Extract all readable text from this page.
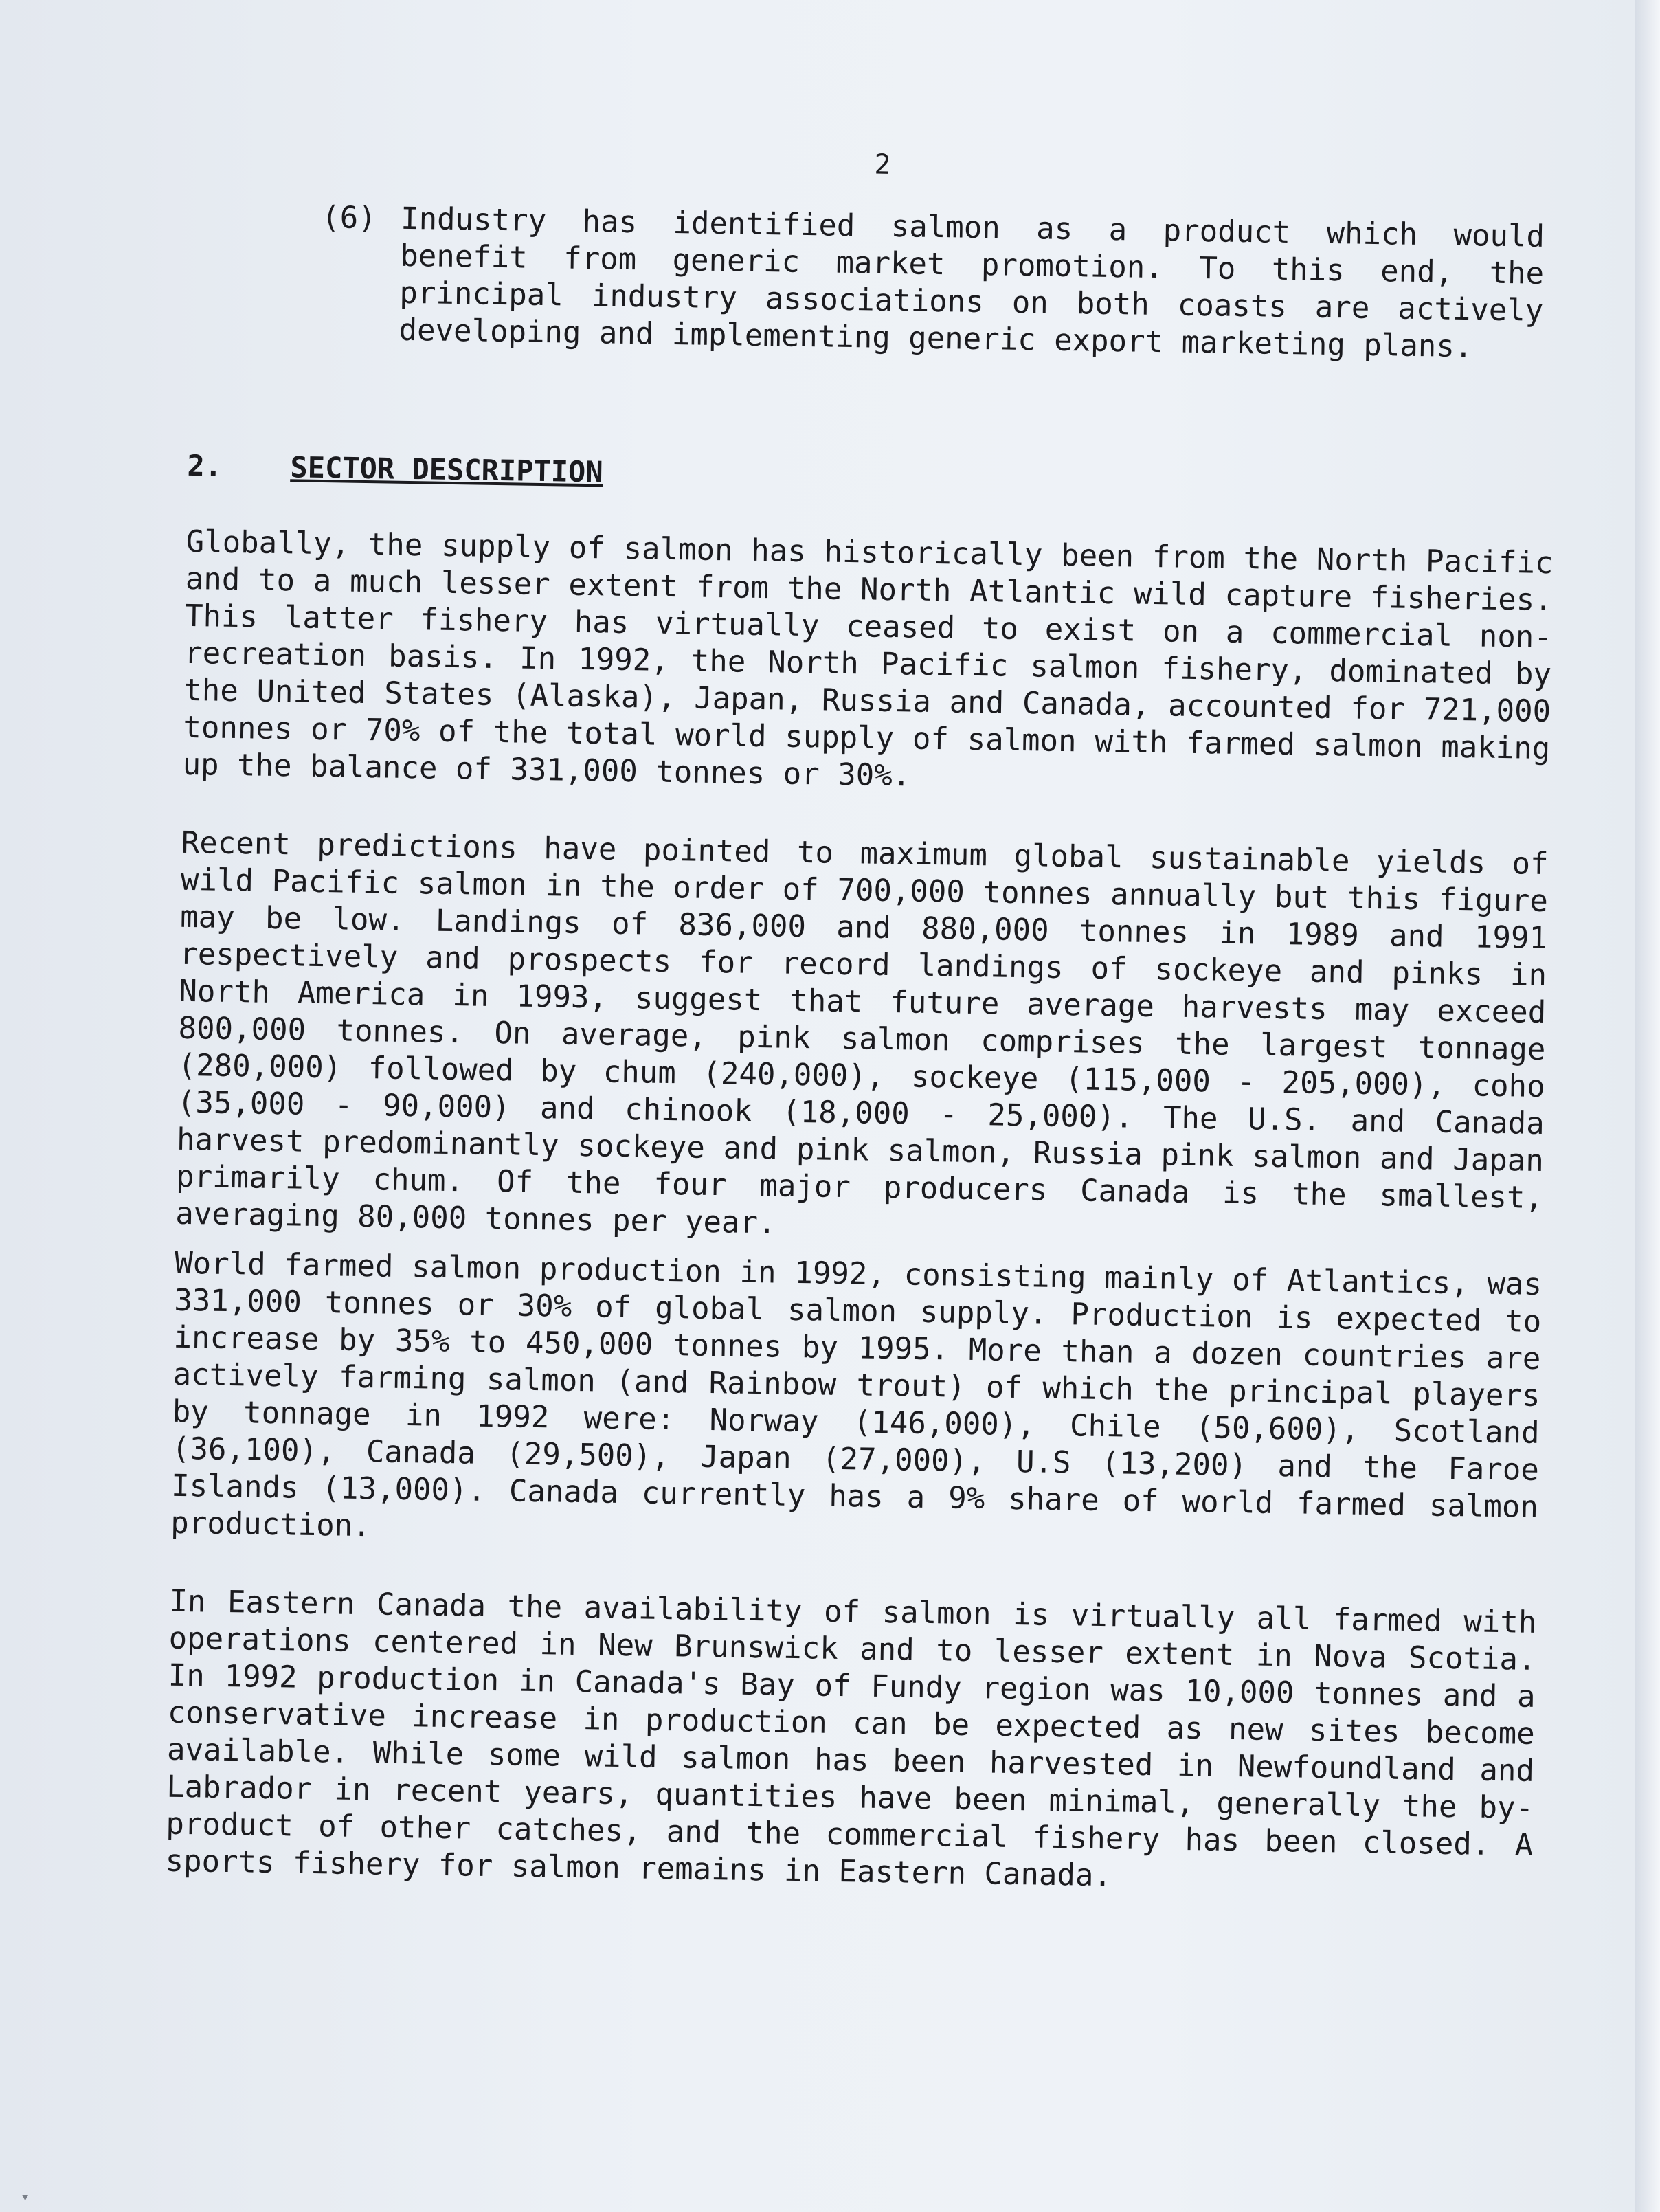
2
(6) Industry has identified salmon as a product which would benefit from generic market promotion. To this end, the principal industry associations on both coasts are actively developing and implementing generic export marketing plans.
2.	SECTOR DESCRIPTION

Globally, the supply of salmon has historically been from the North Pacific and to a much lesser extent from the North Atlantic wild capture fisheries. This latter fishery has virtually ceased to exist on a commercial non-recreation basis. In 1992, the North Pacific salmon fishery, dominated by the United States (Alaska), Japan, Russia and Canada, accounted for 721,000 tonnes or 70% of the total world supply of salmon with farmed salmon making up the balance of 331,000 tonnes or 30%.

Recent predictions have pointed to maximum global sustainable yields of wild Pacific salmon in the order of 700,000 tonnes annually but this figure may be low. Landings of 836,000 and 880,000 tonnes in 1989 and 1991 respectively and prospects for record landings of sockeye and pinks in North America in 1993, suggest that future average harvests may exceed 800,000 tonnes. On average, pink salmon comprises the largest tonnage (280,000) followed by chum (240,000), sockeye (115,000 - 205,000), coho (35,000 - 90,000) and chinook (18,000 - 25,000). The U.S. and Canada harvest predominantly sockeye and pink salmon, Russia pink salmon and Japan primarily chum. Of the four major producers Canada is the smallest, averaging 80,000 tonnes per year.

World farmed salmon production in 1992, consisting mainly of Atlantics, was 331,000 tonnes or 30% of global salmon supply. Production is expected to increase by 35% to 450,000 tonnes by 1995. More than a dozen countries are actively farming salmon (and Rainbow trout) of which the principal players by tonnage in 1992 were: Norway (146,000), Chile (50,600), Scotland (36,100), Canada (29,500), Japan (27,000), U.S (13,200) and the Faroe Islands (13,000). Canada currently has a 9% share of world farmed salmon production.

In Eastern Canada the availability of salmon is virtually all farmed with operations centered in New Brunswick and to lesser extent in Nova Scotia. In 1992 production in Canada's Bay of Fundy region was 10,000 tonnes and a conservative increase in production can be expected as new sites become available. While some wild salmon has been harvested in Newfoundland and Labrador in recent years, quantities have been minimal, generally the by-product of other catches, and the commercial fishery has been closed. A sports fishery for salmon remains in Eastern Canada.

▾
